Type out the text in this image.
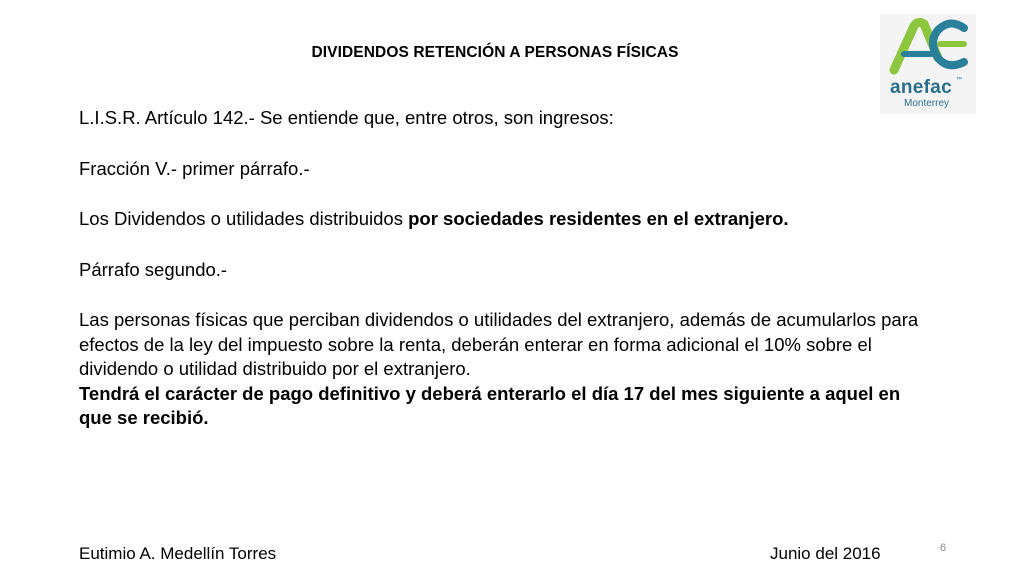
anefac ™
Monterrey
DIVIDENDOS RETENCIÓN A PERSONAS FÍSICAS

L.I.S.R. Artículo 142.- Se entiende que, entre otros, son ingresos:

Fracción V.- primer párrafo.-

Los Dividendos o utilidades distribuidos por sociedades residentes en el extranjero.

Párrafo segundo.-

Las personas físicas que perciban dividendos o utilidades del extranjero, además de acumularlos para efectos de la ley del impuesto sobre la renta, deberán enterar en forma adicional el 10% sobre el dividendo o utilidad distribuido por el extranjero.

Tendrá el carácter de pago definitivo y deberá enterarlo el día 17 del mes siguiente a aquel en que se recibió.

Eutimio A. Medellín Torres	Junio del 2016	6
